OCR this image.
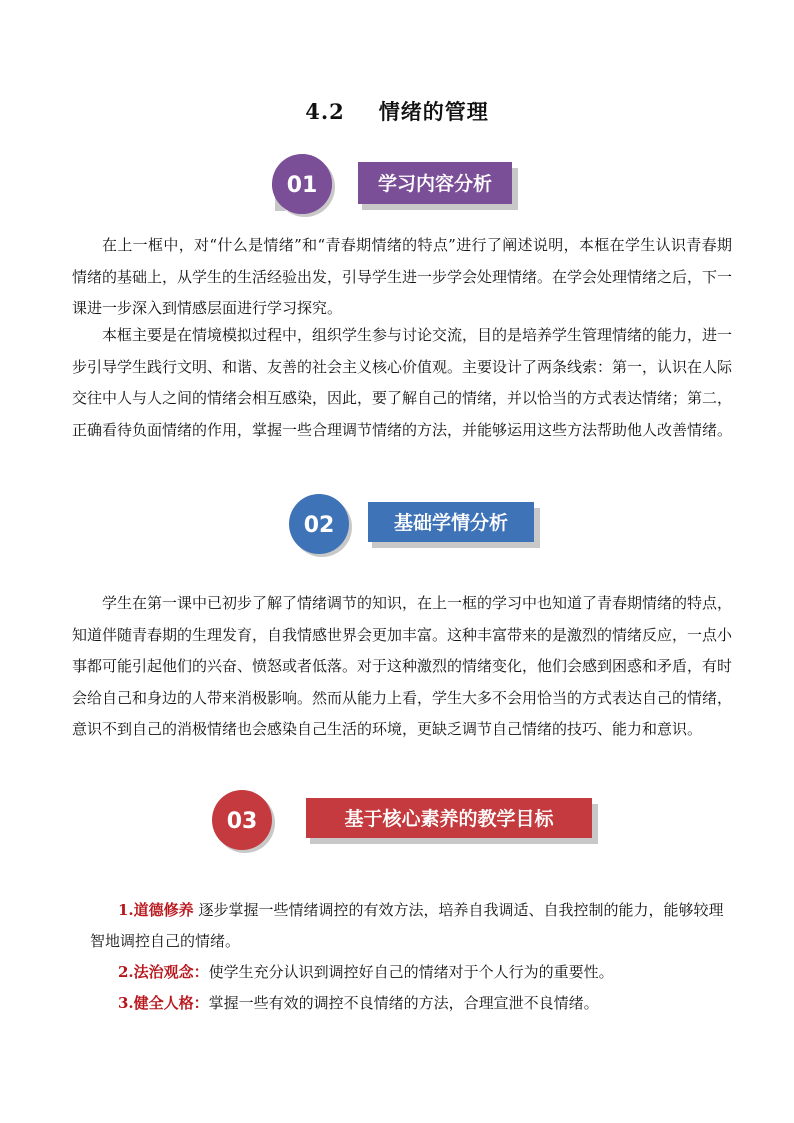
4.2 情绪的管理
01	学习内容分析

在上一框中，对“什么是情绪”和“青春期情绪的特点”进行了阐述说明，本框在学生认识青春期情绪的基础上，从学生的生活经验出发，引导学生进一步学会处理情绪。在学会处理情绪之后，下一课进一步深入到情感层面进行学习探究。

本框主要是在情境模拟过程中，组织学生参与讨论交流，目的是培养学生管理情绪的能力，进一步引导学生践行文明、和谐、友善的社会主义核心价值观。主要设计了两条线索：第一，认识在人际交往中人与人之间的情绪会相互感染，因此，要了解自己的情绪，并以恰当的方式表达情绪；第二，正确看待负面情绪的作用，掌握一些合理调节情绪的方法，并能够运用这些方法帮助他人改善情绪。

02	基础学情分析

学生在第一课中已初步了解了情绪调节的知识，在上一框的学习中也知道了青春期情绪的特点，知道伴随青春期的生理发育，自我情感世界会更加丰富。这种丰富带来的是激烈的情绪反应，一点小事都可能引起他们的兴奋、愤怒或者低落。对于这种激烈的情绪变化，他们会感到困惑和矛盾，有时会给自己和身边的人带来消极影响。然而从能力上看，学生大多不会用恰当的方式表达自己的情绪，意识不到自己的消极情绪也会感染自己生活的环境，更缺乏调节自己情绪的技巧、能力和意识。

03	基于核心素养的教学目标

1.道德修养 逐步掌握一些情绪调控的有效方法，培养自我调适、自我控制的能力，能够较理智地调控自己的情绪。

2.法治观念：使学生充分认识到调控好自己的情绪对于个人行为的重要性。

3.健全人格：掌握一些有效的调控不良情绪的方法，合理宣泄不良情绪。
